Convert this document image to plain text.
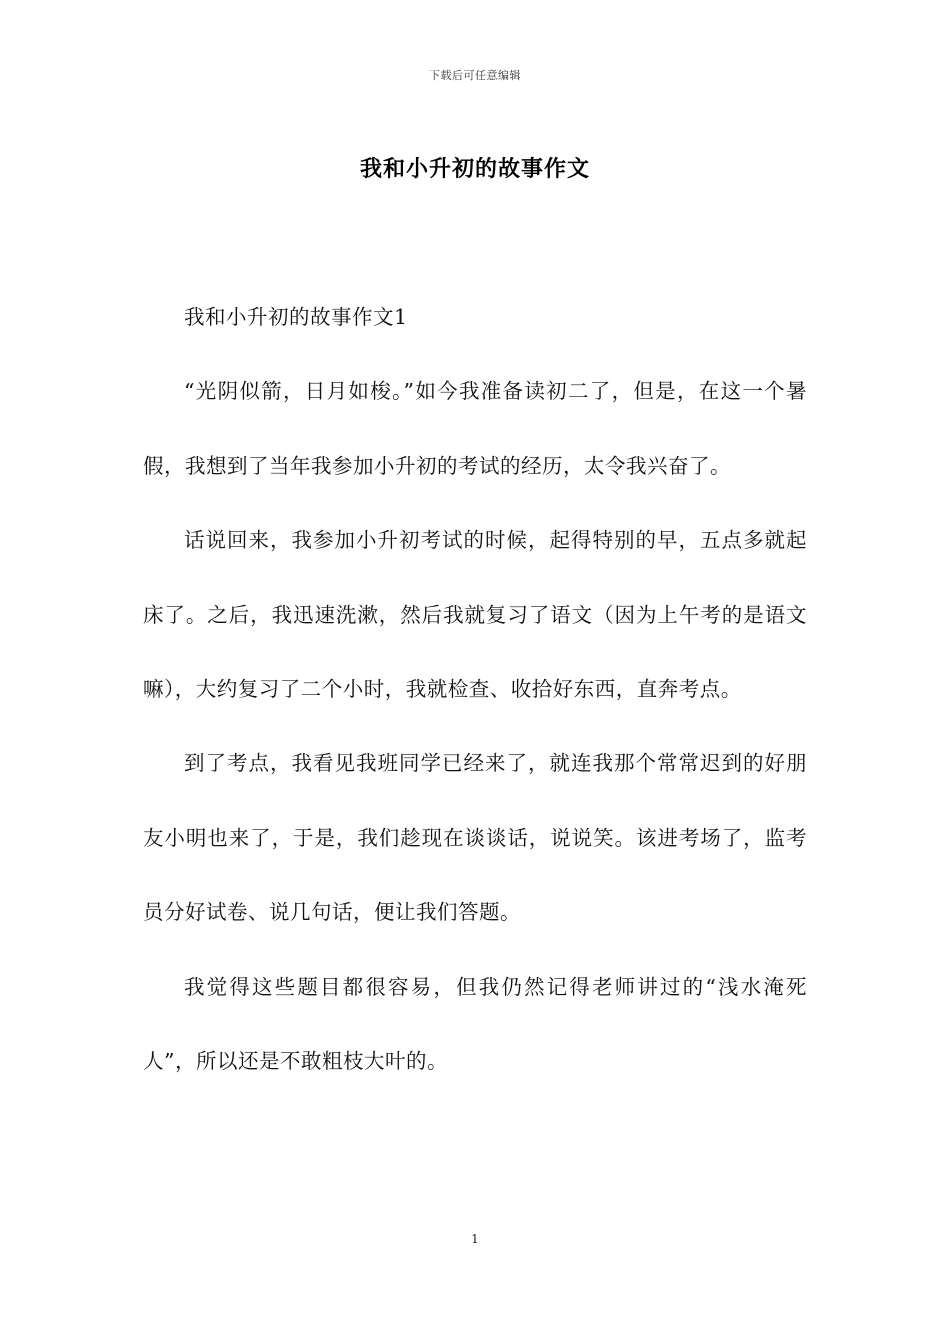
下载后可任意编辑
我和小升初的故事作文

我和小升初的故事作文1

“光阴似箭，日月如梭。”如今我准备读初二了，但是，在这一个暑假，我想到了当年我参加小升初的考试的经历，太令我兴奋了。

话说回来，我参加小升初考试的时候，起得特别的早，五点多就起床了。之后，我迅速洗漱，然后我就复习了语文（因为上午考的是语文嘛），大约复习了二个小时，我就检查、收拾好东西，直奔考点。

到了考点，我看见我班同学已经来了，就连我那个常常迟到的好朋友小明也来了，于是，我们趁现在谈谈话，说说笑。该进考场了，监考员分好试卷、说几句话，便让我们答题。

我觉得这些题目都很容易，但我仍然记得老师讲过的“浅水淹死人”，所以还是不敢粗枝大叶的。

1
